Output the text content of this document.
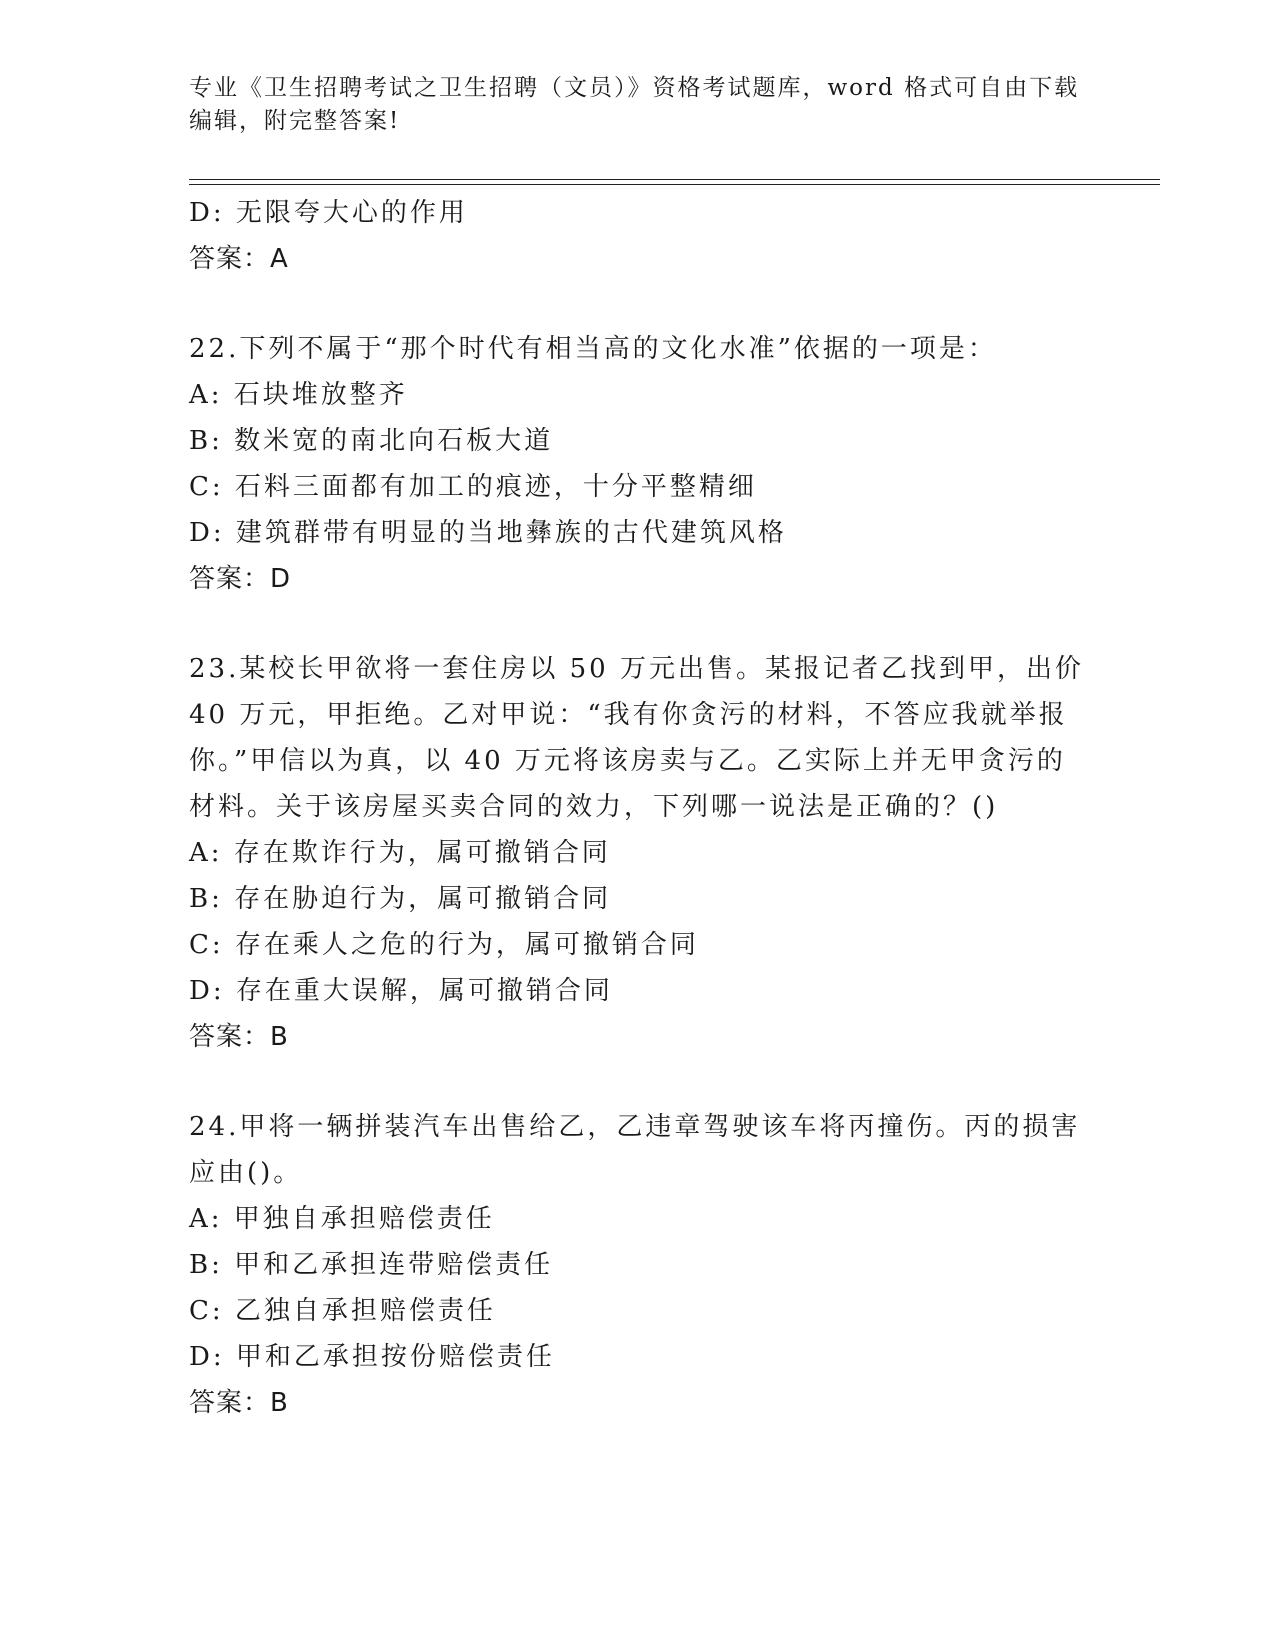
专业《卫生招聘考试之卫生招聘（文员）》资格考试题库，word 格式可自由下载
编辑，附完整答案!
D: 无限夸大心的作用
答案：A
22.下列不属于“那个时代有相当高的文化水准”依据的一项是：
A: 石块堆放整齐
B: 数米宽的南北向石板大道
C: 石料三面都有加工的痕迹，十分平整精细
D: 建筑群带有明显的当地彝族的古代建筑风格
答案：D
23.某校长甲欲将一套住房以 50 万元出售。某报记者乙找到甲，出价
40 万元，甲拒绝。乙对甲说：“我有你贪污的材料，不答应我就举报
你。”甲信以为真，以 40 万元将该房卖与乙。乙实际上并无甲贪污的
材料。关于该房屋买卖合同的效力，下列哪一说法是正确的？()
A: 存在欺诈行为，属可撤销合同
B: 存在胁迫行为，属可撤销合同
C: 存在乘人之危的行为，属可撤销合同
D: 存在重大误解，属可撤销合同
答案：B
24.甲将一辆拼装汽车出售给乙，乙违章驾驶该车将丙撞伤。丙的损害
应由()。
A: 甲独自承担赔偿责任
B: 甲和乙承担连带赔偿责任
C: 乙独自承担赔偿责任
D: 甲和乙承担按份赔偿责任
答案：B
